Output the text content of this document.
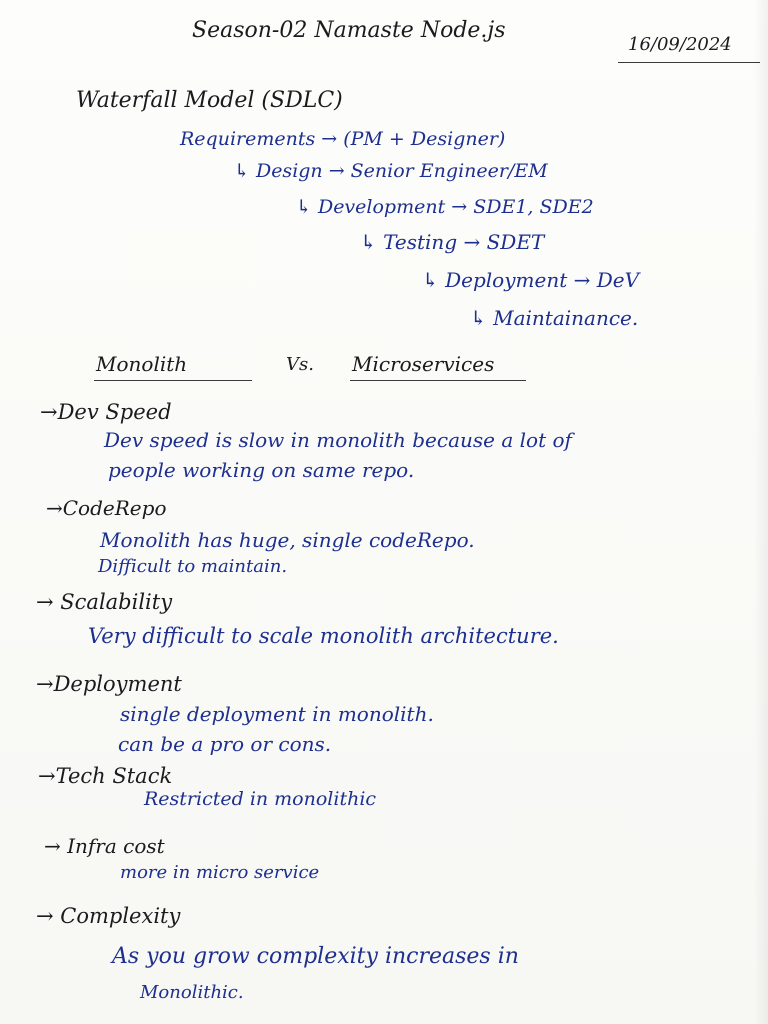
Season-02 Namaste Node.js
16/09/2024
Waterfall Model (SDLC)
Requirements → (PM + Designer)
↳ Design → Senior Engineer/EM
↳ Development → SDE1, SDE2
↳ Testing → SDET
↳ Deployment → DeV
↳ Maintainance.
Monolith	Vs. Microservices
→Dev Speed
Dev speed is slow in monolith because a lot of
people working on same repo.
→CodeRepo
Monolith has huge, single codeRepo.
Difficult to maintain.
→ Scalability
Very difficult to scale monolith architecture.
→Deployment
single deployment in monolith.
can be a pro or cons.
→Tech Stack
Restricted in monolithic
→ Infra cost
more in micro service
→ Complexity
As you grow complexity increases in
Monolithic.
